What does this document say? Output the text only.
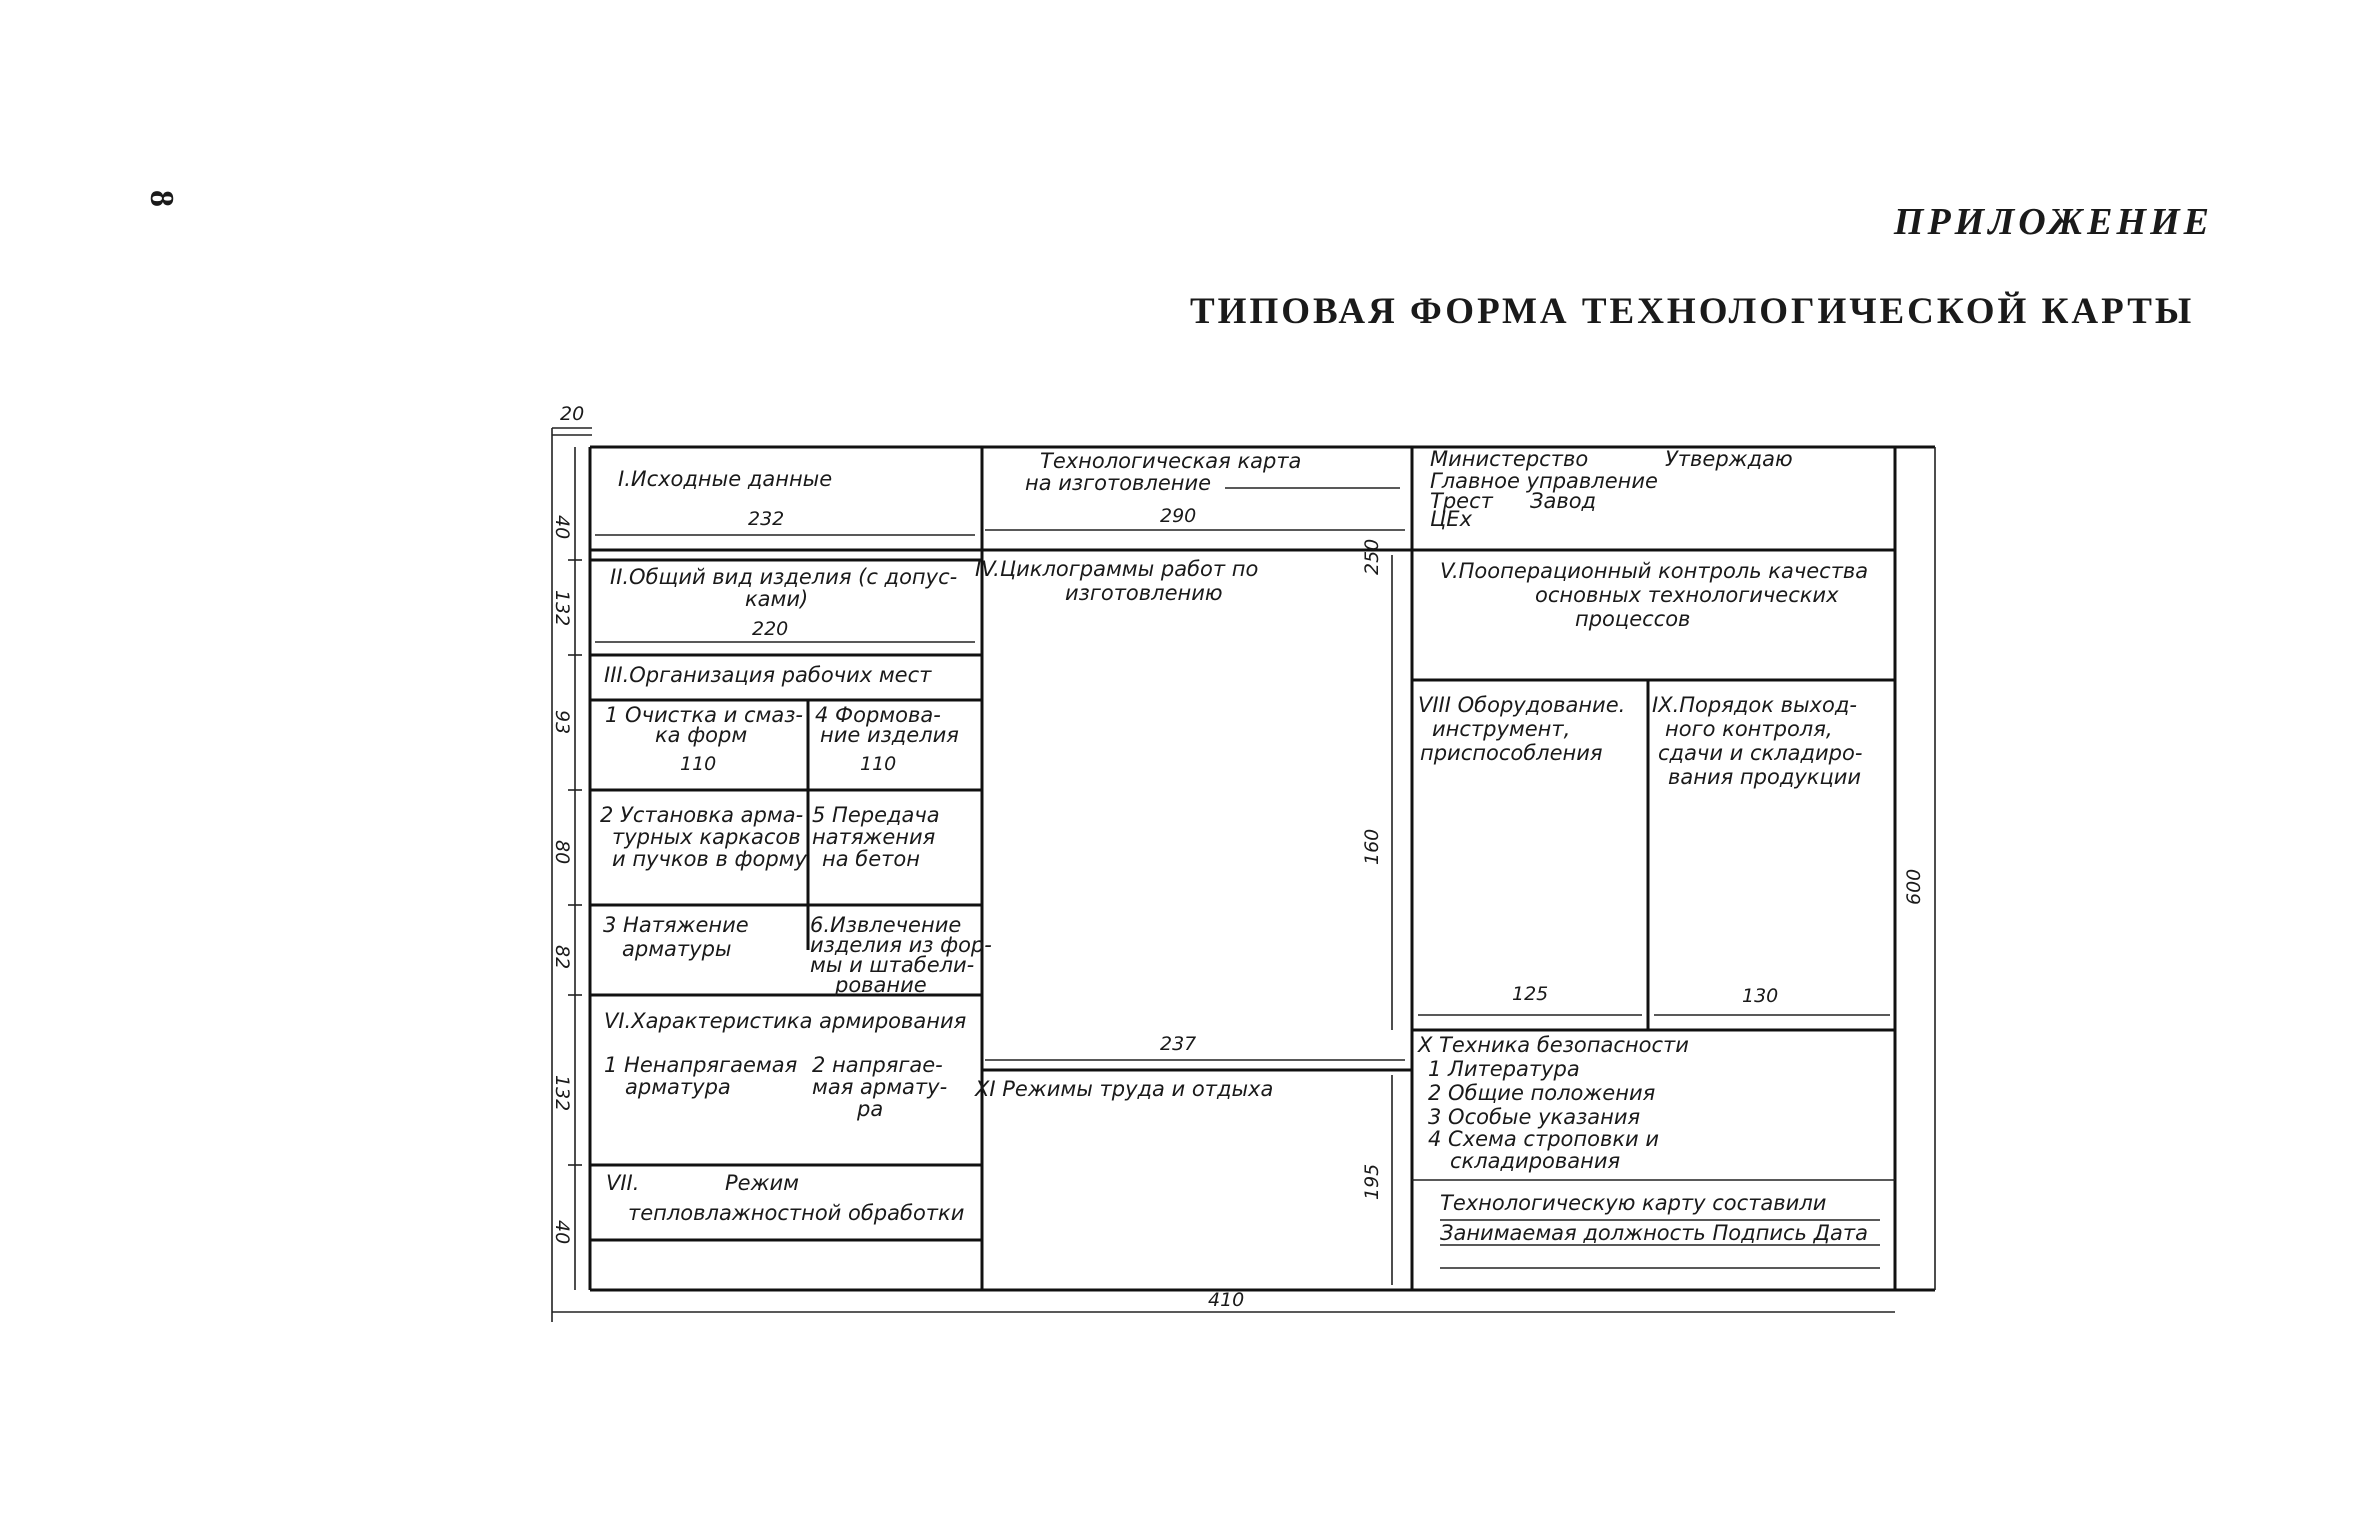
8
ПРИЛОЖЕНИЕ
ТИПОВАЯ ФОРМА ТЕХНОЛОГИЧЕСКОЙ КАРТЫ
Технологическая карта
на изготовление
Министерство	Утверждаю
Главное управление
Трест Завод
ЦЕх
I.Исходные данные
II.Общий вид изделия (с допус-
ками)
III.Организация рабочих мест
1 Очистка и смаз-
ка форм
4 Формова-
ние изделия
2 Установка арма-
турных каркасов
и пучков в форму
5 Передача
натяжения
на бетон
3 Натяжение
арматуры
6.Извлечение
изделия из фор-
мы и штабели-
рование
VI.Характеристика армирования
1 Ненапрягаемая
арматура
2 напрягае-
мая армату-
ра
VII.	Режим
тепловлажностной обработки
IV.Циклограммы работ по
изготовлению
XI Режимы труда и отдыха
V.Пооперационный контроль качества
основных технологических
процессов
VIII Оборудование.
инструмент,
приспособления
IX.Порядок выход-
ного контроля,
сдачи и складиро-
вания продукции
X Техника безопасности
1 Литература
2 Общие положения
3 Особые указания
4 Схема строповки и
складирования
Технологическую карту составили
Занимаемая должность Подпись Дата
20
40
132
93
80
82
132
40
232	290
220
110	110
250
160
195
237
125	130
600
410
